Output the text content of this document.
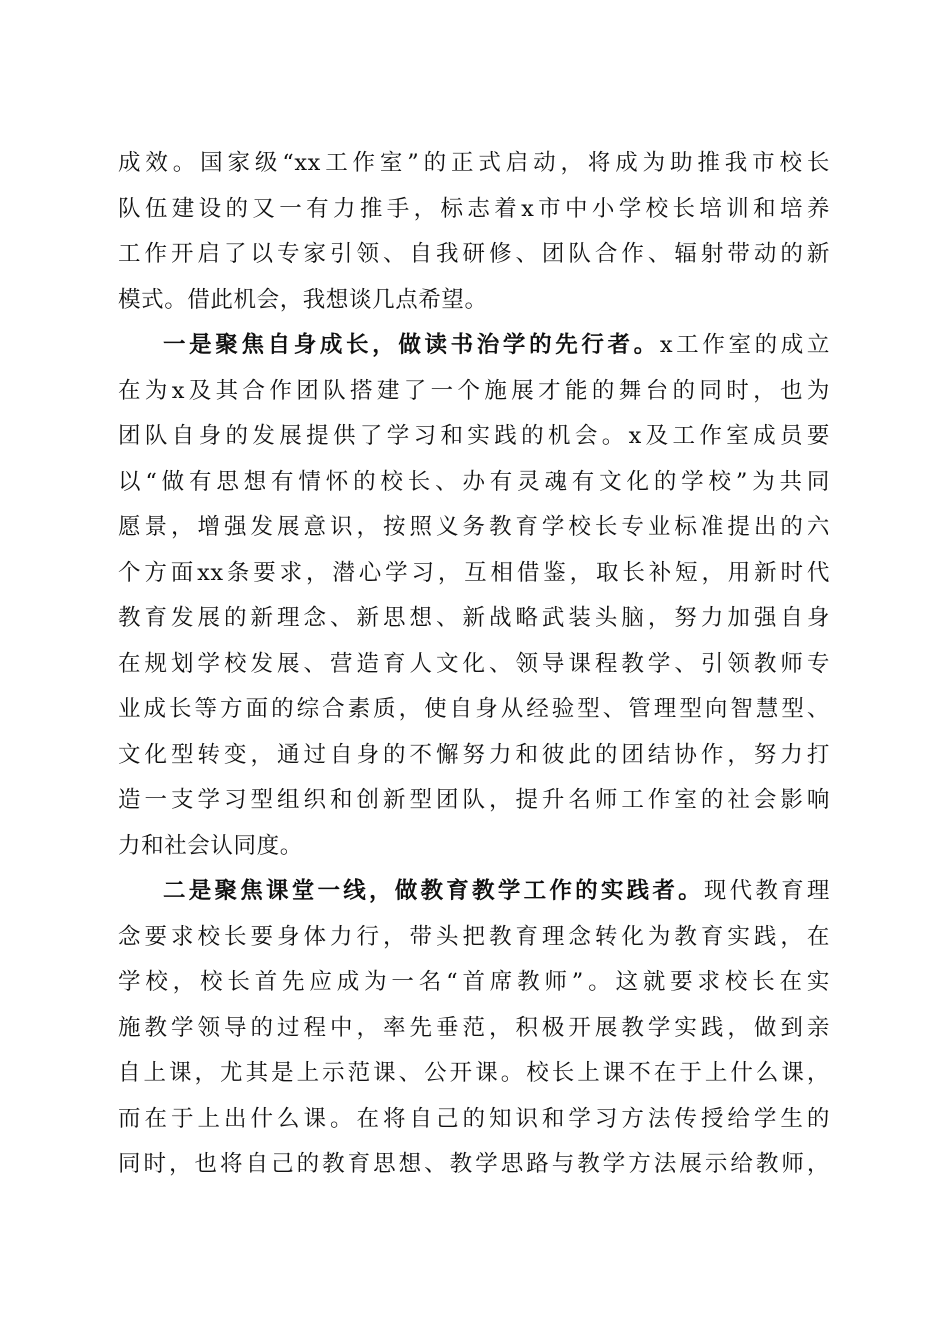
成效。国家级“xx工作室”的正式启动，将成为助推我市校长
队伍建设的又一有力推手，标志着x市中小学校长培训和培养
工作开启了以专家引领、自我研修、团队合作、辐射带动的新
模式。借此机会，我想谈几点希望。
一是聚焦自身成长，做读书治学的先行者。x工作室的成立
在为x及其合作团队搭建了一个施展才能的舞台的同时，也为
团队自身的发展提供了学习和实践的机会。x及工作室成员要
以“做有思想有情怀的校长、办有灵魂有文化的学校”为共同
愿景，增强发展意识，按照义务教育学校长专业标准提出的六
个方面xx条要求，潜心学习，互相借鉴，取长补短，用新时代
教育发展的新理念、新思想、新战略武装头脑，努力加强自身
在规划学校发展、营造育人文化、领导课程教学、引领教师专
业成长等方面的综合素质，使自身从经验型、管理型向智慧型、
文化型转变，通过自身的不懈努力和彼此的团结协作，努力打
造一支学习型组织和创新型团队，提升名师工作室的社会影响
力和社会认同度。
二是聚焦课堂一线，做教育教学工作的实践者。现代教育理
念要求校长要身体力行，带头把教育理念转化为教育实践，在
学校，校长首先应成为一名“首席教师”。这就要求校长在实
施教学领导的过程中，率先垂范，积极开展教学实践，做到亲
自上课，尤其是上示范课、公开课。校长上课不在于上什么课，
而在于上出什么课。在将自己的知识和学习方法传授给学生的
同时，也将自己的教育思想、教学思路与教学方法展示给教师，
